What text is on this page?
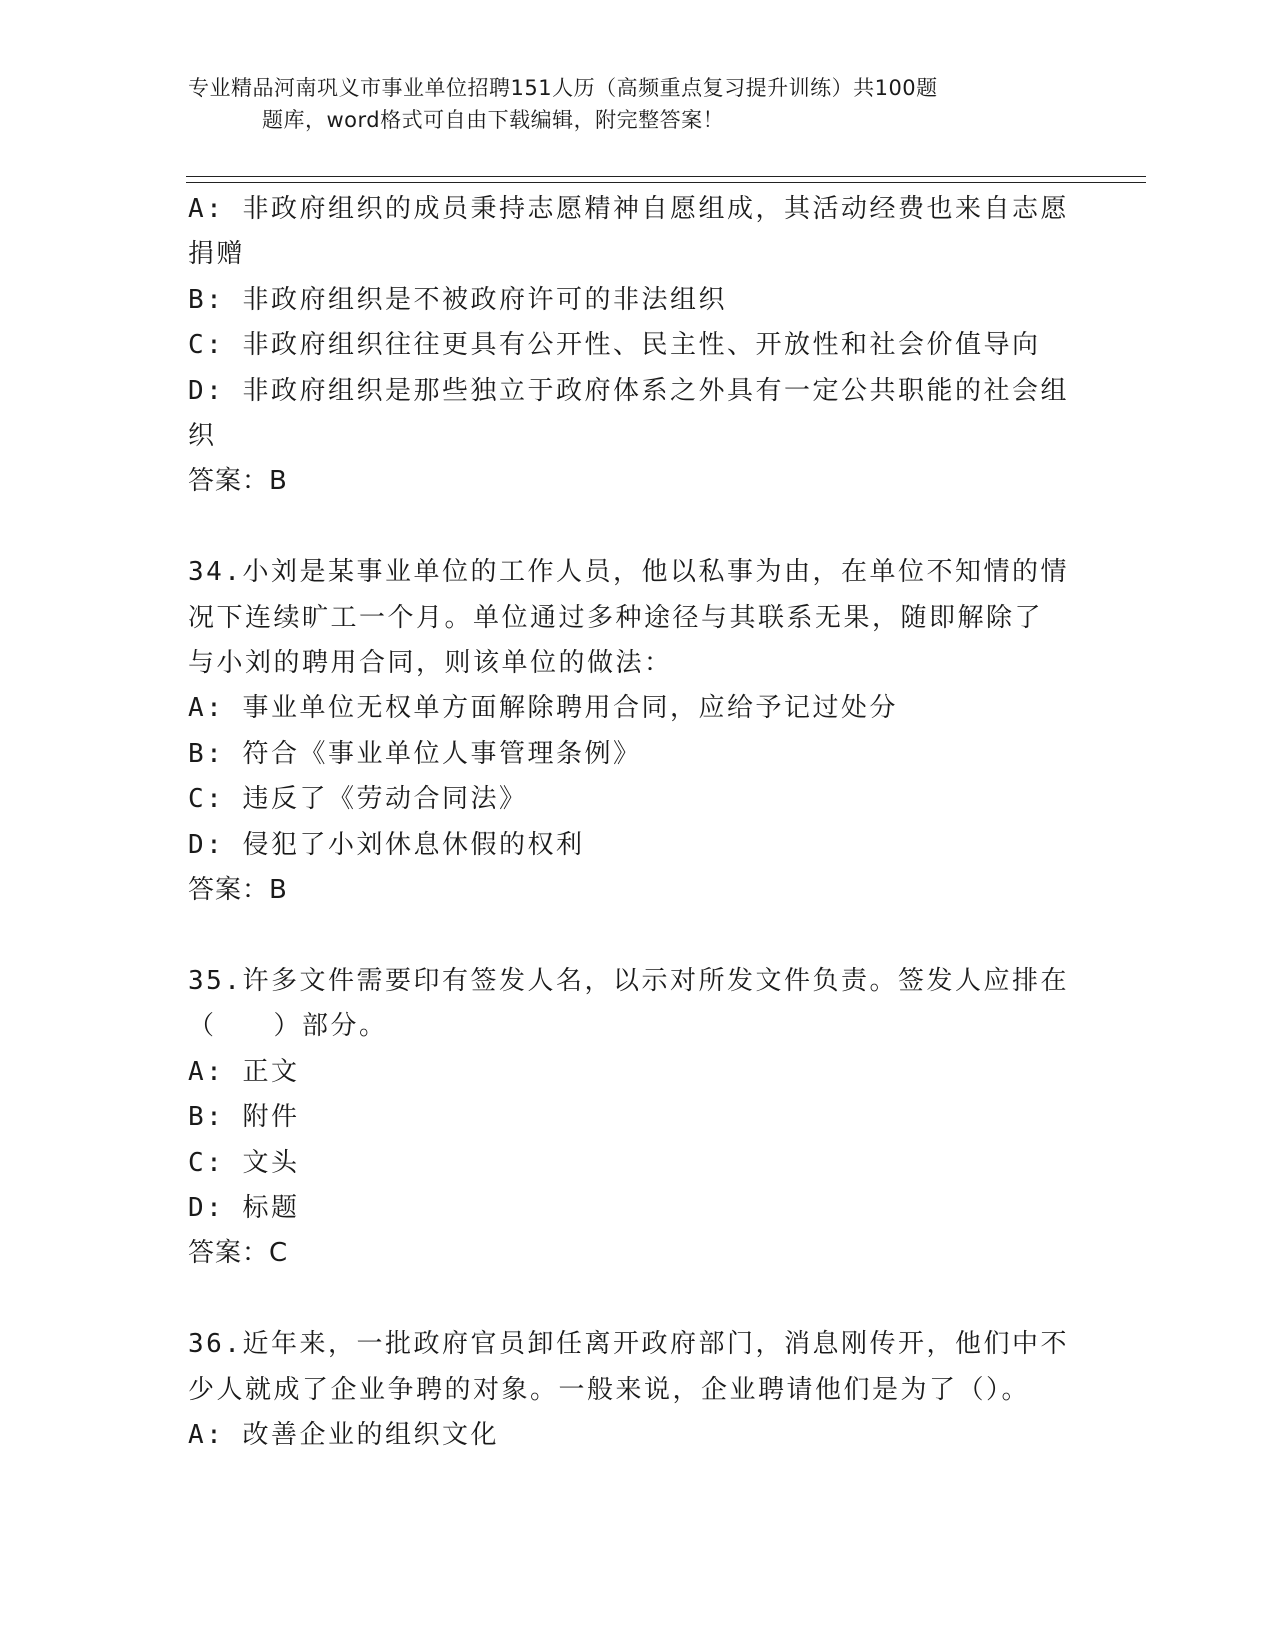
专业精品河南巩义市事业单位招聘151人历（高频重点复习提升训练）共100题
题库，word格式可自由下载编辑，附完整答案！
A: 非政府组织的成员秉持志愿精神自愿组成，其活动经费也来自志愿
捐赠
B: 非政府组织是不被政府许可的非法组织
C: 非政府组织往往更具有公开性、民主性、开放性和社会价值导向
D: 非政府组织是那些独立于政府体系之外具有一定公共职能的社会组
织
答案：B
34.小刘是某事业单位的工作人员，他以私事为由，在单位不知情的情
况下连续旷工一个月。单位通过多种途径与其联系无果，随即解除了
与小刘的聘用合同，则该单位的做法：
A: 事业单位无权单方面解除聘用合同，应给予记过处分
B: 符合《事业单位人事管理条例》
C: 违反了《劳动合同法》
D: 侵犯了小刘休息休假的权利
答案：B
35.许多文件需要印有签发人名，以示对所发文件负责。签发人应排在
（　　）部分。
A: 正文
B: 附件
C: 文头
D: 标题
答案：C
36.近年来，一批政府官员卸任离开政府部门，消息刚传开，他们中不
少人就成了企业争聘的对象。一般来说，企业聘请他们是为了（）。
A: 改善企业的组织文化
